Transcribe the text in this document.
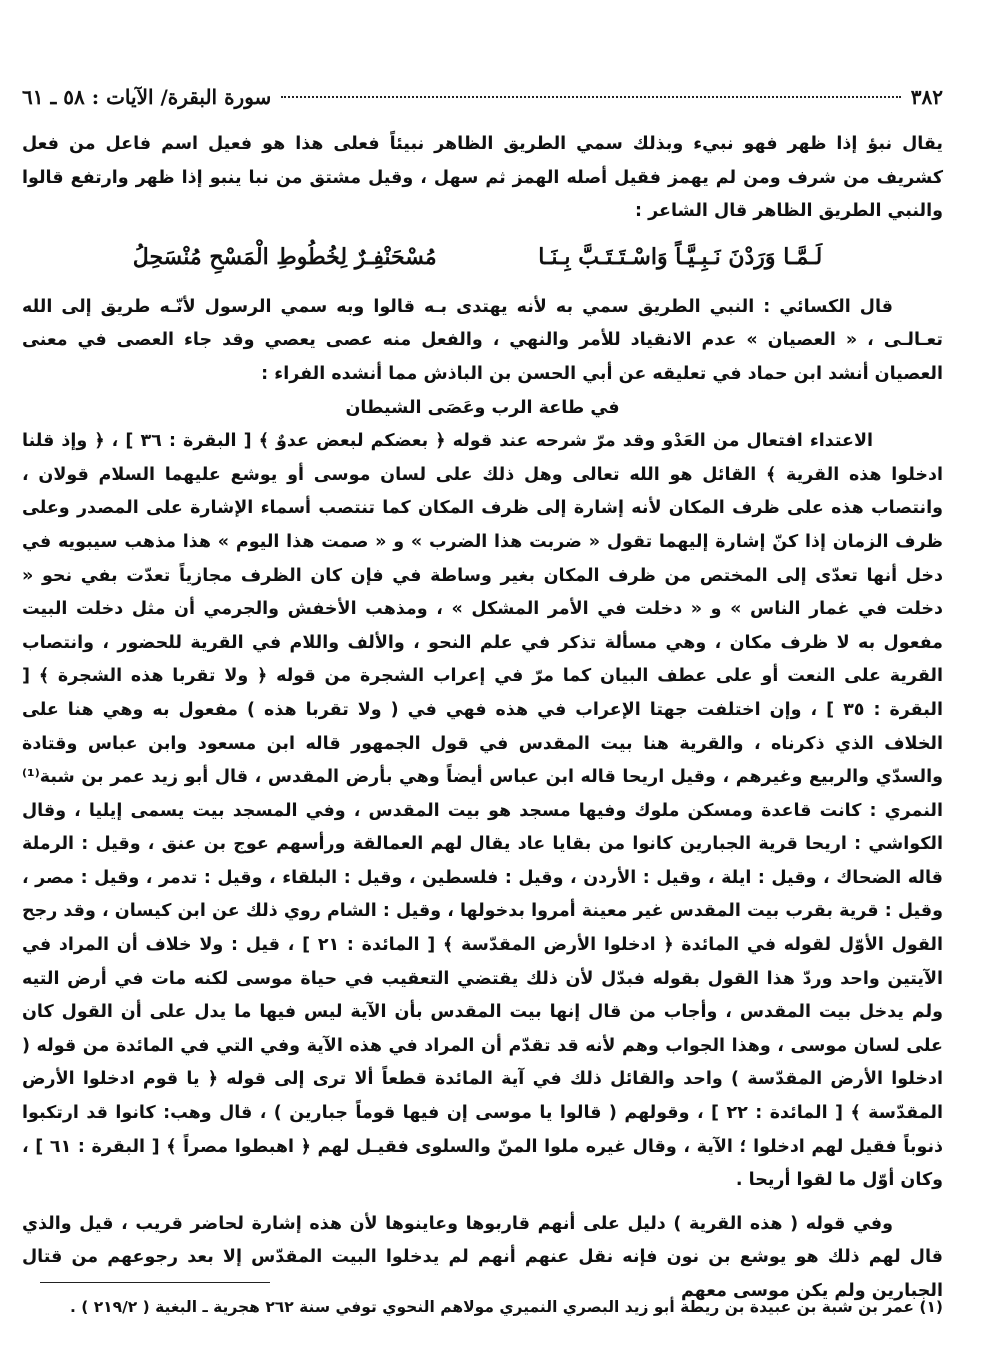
٣٨٢
سورة البقرة/ الآيات : ٥٨ ـ ٦١

يقال نبؤ إذا ظهر فهو نبيء وبذلك سمي الطريق الظاهر نبيئاً فعلى هذا هو فعيل اسم فاعل من فعل كشريف من شرف ومن لم يهمز فقيل أصله الهمز ثم سهل ، وقيل مشتق من نبا ينبو إذا ظهر وارتفع قالوا والنبي الطريق الظاهر قال الشاعر :

لَـمَّـا وَرَدْنَ نَـبِـيَّـاً وَاسْـتَـتَـبَّ بِـنَـا
مُسْحَنْفِـرٌ لِخُطُوطِ الْمَسْحِ مُنْسَحِلُ

قال الكسائي : النبي الطريق سمي به لأنه يهتدى بـه قالوا وبه سمي الرسول لأنّـه طريق إلى الله تعـالـى ، « العصيان » عدم الانقياد للأمر والنهي ، والفعل منه عصى يعصي وقد جاء العصى في معنى العصيان أنشد ابن حماد في تعليقه عن أبي الحسن بن الباذش مما أنشده الفراء :

في طاعة الرب وعَصَى الشيطان

الاعتداء افتعال من العَدْو وقد مرّ شرحه عند قوله ﴿ بعضكم لبعض عدوٌ ﴾ [ البقرة : ٣٦ ] ، ﴿ وإذ قلنا ادخلوا هذه القرية ﴾ القائل هو الله تعالى وهل ذلك على لسان موسى أو يوشع عليهما السلام قولان ، وانتصاب هذه على ظرف المكان لأنه إشارة إلى ظرف المكان كما تنتصب أسماء الإشارة على المصدر وعلى ظرف الزمان إذا كنّ إشارة إليهما تقول « ضربت هذا الضرب » و « صمت هذا اليوم » هذا مذهب سيبويه في دخل أنها تعدّى إلى المختص من ظرف المكان بغير وساطة في فإن كان الظرف مجازياً تعدّت بفي نحو « دخلت في غمار الناس » و « دخلت في الأمر المشكل » ، ومذهب الأخفش والجرمي أن مثل دخلت البيت مفعول به لا ظرف مكان ، وهي مسألة تذكر في علم النحو ، والألف واللام في القرية للحضور ، وانتصاب القرية على النعت أو على عطف البيان كما مرّ في إعراب الشجرة من قوله ﴿ ولا تقربا هذه الشجرة ﴾ [ البقرة : ٣٥ ] ، وإن اختلفت جهتا الإعراب في هذه فهي في ( ولا تقربا هذه ) مفعول به وهي هنا على الخلاف الذي ذكرناه ، والقرية هنا بيت المقدس في قول الجمهور قاله ابن مسعود وابن عباس وقتادة والسدّي والربيع وغيرهم ، وقيل اريحا قاله ابن عباس أيضاً وهي بأرض المقدس ، قال أبو زيد عمر بن شبة⁽¹⁾ النمري : كانت قاعدة ومسكن ملوك وفيها مسجد هو بيت المقدس ، وفي المسجد بيت يسمى إيليا ، وقال الكواشي : اريحا قرية الجبارين كانوا من بقايا عاد يقال لهم العمالقة ورأسهم عوج بن عنق ، وقيل : الرملة قاله الضحاك ، وقيل : ايلة ، وقيل : الأردن ، وقيل : فلسطين ، وقيل : البلقاء ، وقيل : تدمر ، وقيل : مصر ، وقيل : قرية بقرب بيت المقدس غير معينة أمروا بدخولها ، وقيل : الشام روي ذلك عن ابن كيسان ، وقد رجح القول الأوّل لقوله في المائدة ﴿ ادخلوا الأرض المقدّسة ﴾ [ المائدة : ٢١ ] ، قيل : ولا خلاف أن المراد في الآيتين واحد وردّ هذا القول بقوله فبدّل لأن ذلك يقتضي التعقيب في حياة موسى لكنه مات في أرض التيه ولم يدخل بيت المقدس ، وأجاب من قال إنها بيت المقدس بأن الآية ليس فيها ما يدل على أن القول كان على لسان موسى ، وهذا الجواب وهم لأنه قد تقدّم أن المراد في هذه الآية وفي التي في المائدة من قوله ( ادخلوا الأرض المقدّسة ) واحد والقائل ذلك في آية المائدة قطعاً ألا ترى إلى قوله ﴿ يا قوم ادخلوا الأرض المقدّسة ﴾ [ المائدة : ٢٢ ] ، وقولهم ( قالوا يا موسى إن فيها قوماً جبارين ) ، قال وهب: كانوا قد ارتكبوا ذنوباً فقيل لهم ادخلوا ؛ الآية ، وقال غيره ملوا المنّ والسلوى فقيـل لهم ﴿ اهبطوا مصراً ﴾ [ البقرة : ٦١ ] ، وكان أوّل ما لقوا أريحا .

وفي قوله ( هذه القرية ) دليل على أنهم قاربوها وعاينوها لأن هذه إشارة لحاضر قريب ، قيل والذي قال لهم ذلك هو يوشع بن نون فإنه نقل عنهم أنهم لم يدخلوا البيت المقدّس إلا بعد رجوعهم من قتال الجبارين ولم يكن موسى معهم

(١) عمر بن شبة بن عبيدة بن ريطة أبو زيد البصري النميري مولاهم النحوي توفي سنة ٢٦٢ هجرية ـ البغية ( ٢١٩/٢ ) .
